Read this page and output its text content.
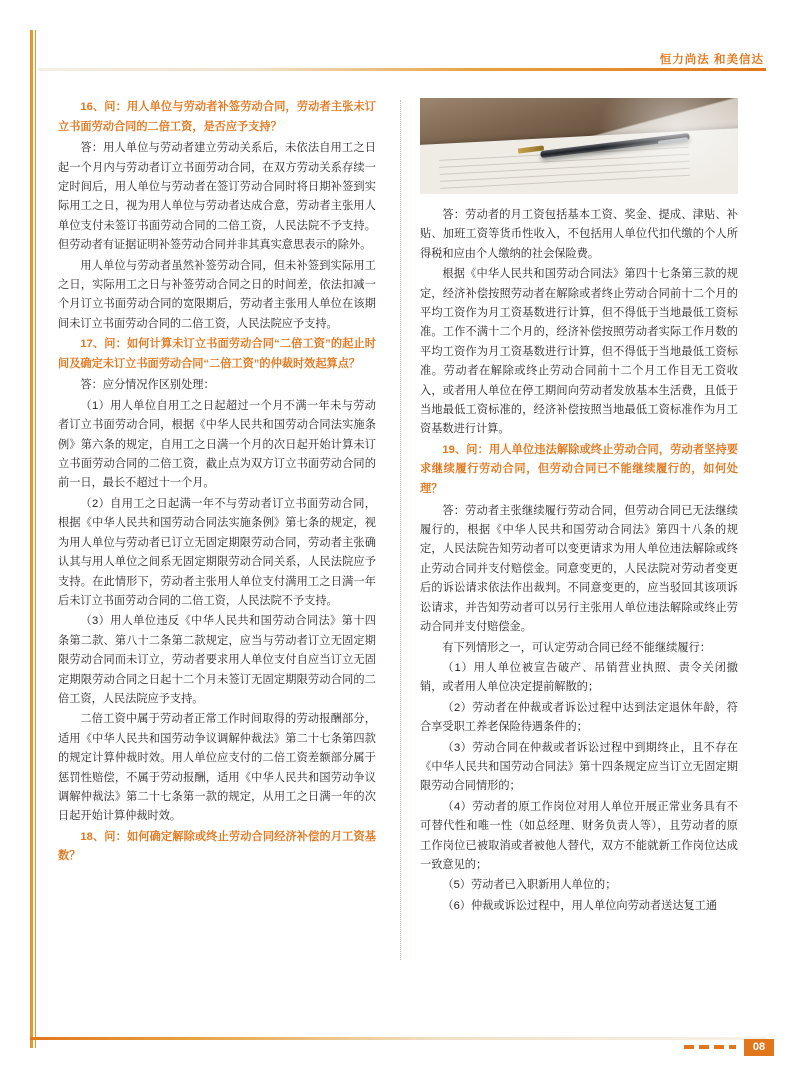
恒力尚法 和美信达

16、问：用人单位与劳动者补签劳动合同，劳动者主张未订立书面劳动合同的二倍工资，是否应予支持？

答：用人单位与劳动者建立劳动关系后，未依法自用工之日起一个月内与劳动者订立书面劳动合同，在双方劳动关系存续一定时间后，用人单位与劳动者在签订劳动合同时将日期补签到实际用工之日，视为用人单位与劳动者达成合意，劳动者主张用人单位支付未签订书面劳动合同的二倍工资，人民法院不予支持。但劳动者有证据证明补签劳动合同并非其真实意思表示的除外。

用人单位与劳动者虽然补签劳动合同，但未补签到实际用工之日，实际用工之日与补签劳动合同之日的时间差，依法扣减一个月订立书面劳动合同的宽限期后，劳动者主张用人单位在该期间未订立书面劳动合同的二倍工资，人民法院应予支持。

17、问：如何计算未订立书面劳动合同“二倍工资”的起止时间及确定未订立书面劳动合同“二倍工资”的仲裁时效起算点？

答：应分情况作区别处理：

（1）用人单位自用工之日起超过一个月不满一年未与劳动者订立书面劳动合同，根据《中华人民共和国劳动合同法实施条例》第六条的规定，自用工之日满一个月的次日起开始计算未订立书面劳动合同的二倍工资，截止点为双方订立书面劳动合同的前一日，最长不超过十一个月。

（2）自用工之日起满一年不与劳动者订立书面劳动合同，根据《中华人民共和国劳动合同法实施条例》第七条的规定，视为用人单位与劳动者已订立无固定期限劳动合同，劳动者主张确认其与用人单位之间系无固定期限劳动合同关系，人民法院应予支持。在此情形下，劳动者主张用人单位支付满用工之日满一年后未订立书面劳动合同的二倍工资，人民法院不予支持。

（3）用人单位违反《中华人民共和国劳动合同法》第十四条第二款、第八十二条第二款规定，应当与劳动者订立无固定期限劳动合同而未订立，劳动者要求用人单位支付自应当订立无固定期限劳动合同之日起十二个月未签订无固定期限劳动合同的二倍工资，人民法院应予支持。

二倍工资中属于劳动者正常工作时间取得的劳动报酬部分，适用《中华人民共和国劳动争议调解仲裁法》第二十七条第四款的规定计算仲裁时效。用人单位应支付的二倍工资差额部分属于惩罚性赔偿，不属于劳动报酬，适用《中华人民共和国劳动争议调解仲裁法》第二十七条第一款的规定，从用工之日满一年的次日起开始计算仲裁时效。

18、问：如何确定解除或终止劳动合同经济补偿的月工资基数？

答：劳动者的月工资包括基本工资、奖金、提成、津贴、补贴、加班工资等货币性收入，不包括用人单位代扣代缴的个人所得税和应由个人缴纳的社会保险费。

根据《中华人民共和国劳动合同法》第四十七条第三款的规定，经济补偿按照劳动者在解除或者终止劳动合同前十二个月的平均工资作为月工资基数进行计算，但不得低于当地最低工资标准。工作不满十二个月的，经济补偿按照劳动者实际工作月数的平均工资作为月工资基数进行计算，但不得低于当地最低工资标准。劳动者在解除或终止劳动合同前十二个月工作目无工资收入，或者用人单位在停工期间向劳动者发放基本生活费，且低于当地最低工资标准的，经济补偿按照当地最低工资标准作为月工资基数进行计算。

19、问：用人单位违法解除或终止劳动合同，劳动者坚持要求继续履行劳动合同，但劳动合同已不能继续履行的，如何处理？

答：劳动者主张继续履行劳动合同，但劳动合同已无法继续履行的，根据《中华人民共和国劳动合同法》第四十八条的规定，人民法院告知劳动者可以变更请求为用人单位违法解除或终止劳动合同并支付赔偿金。同意变更的，人民法院对劳动者变更后的诉讼请求依法作出裁判。不同意变更的，应当驳回其该项诉讼请求，并告知劳动者可以另行主张用人单位违法解除或终止劳动合同并支付赔偿金。

有下列情形之一，可认定劳动合同已经不能继续履行：

（1）用人单位被宣告破产、吊销营业执照、责令关闭撤销，或者用人单位决定提前解散的；

（2）劳动者在仲裁或者诉讼过程中达到法定退休年龄，符合享受职工养老保险待遇条件的；

（3）劳动合同在仲裁或者诉讼过程中到期终止，且不存在《中华人民共和国劳动合同法》第十四条规定应当订立无固定期限劳动合同情形的；

（4）劳动者的原工作岗位对用人单位开展正常业务具有不可替代性和唯一性（如总经理、财务负责人等），且劳动者的原工作岗位已被取消或者被他人替代，双方不能就新工作岗位达成一致意见的；

（5）劳动者已入职新用人单位的；

（6）仲裁或诉讼过程中，用人单位向劳动者送达复工通

08
